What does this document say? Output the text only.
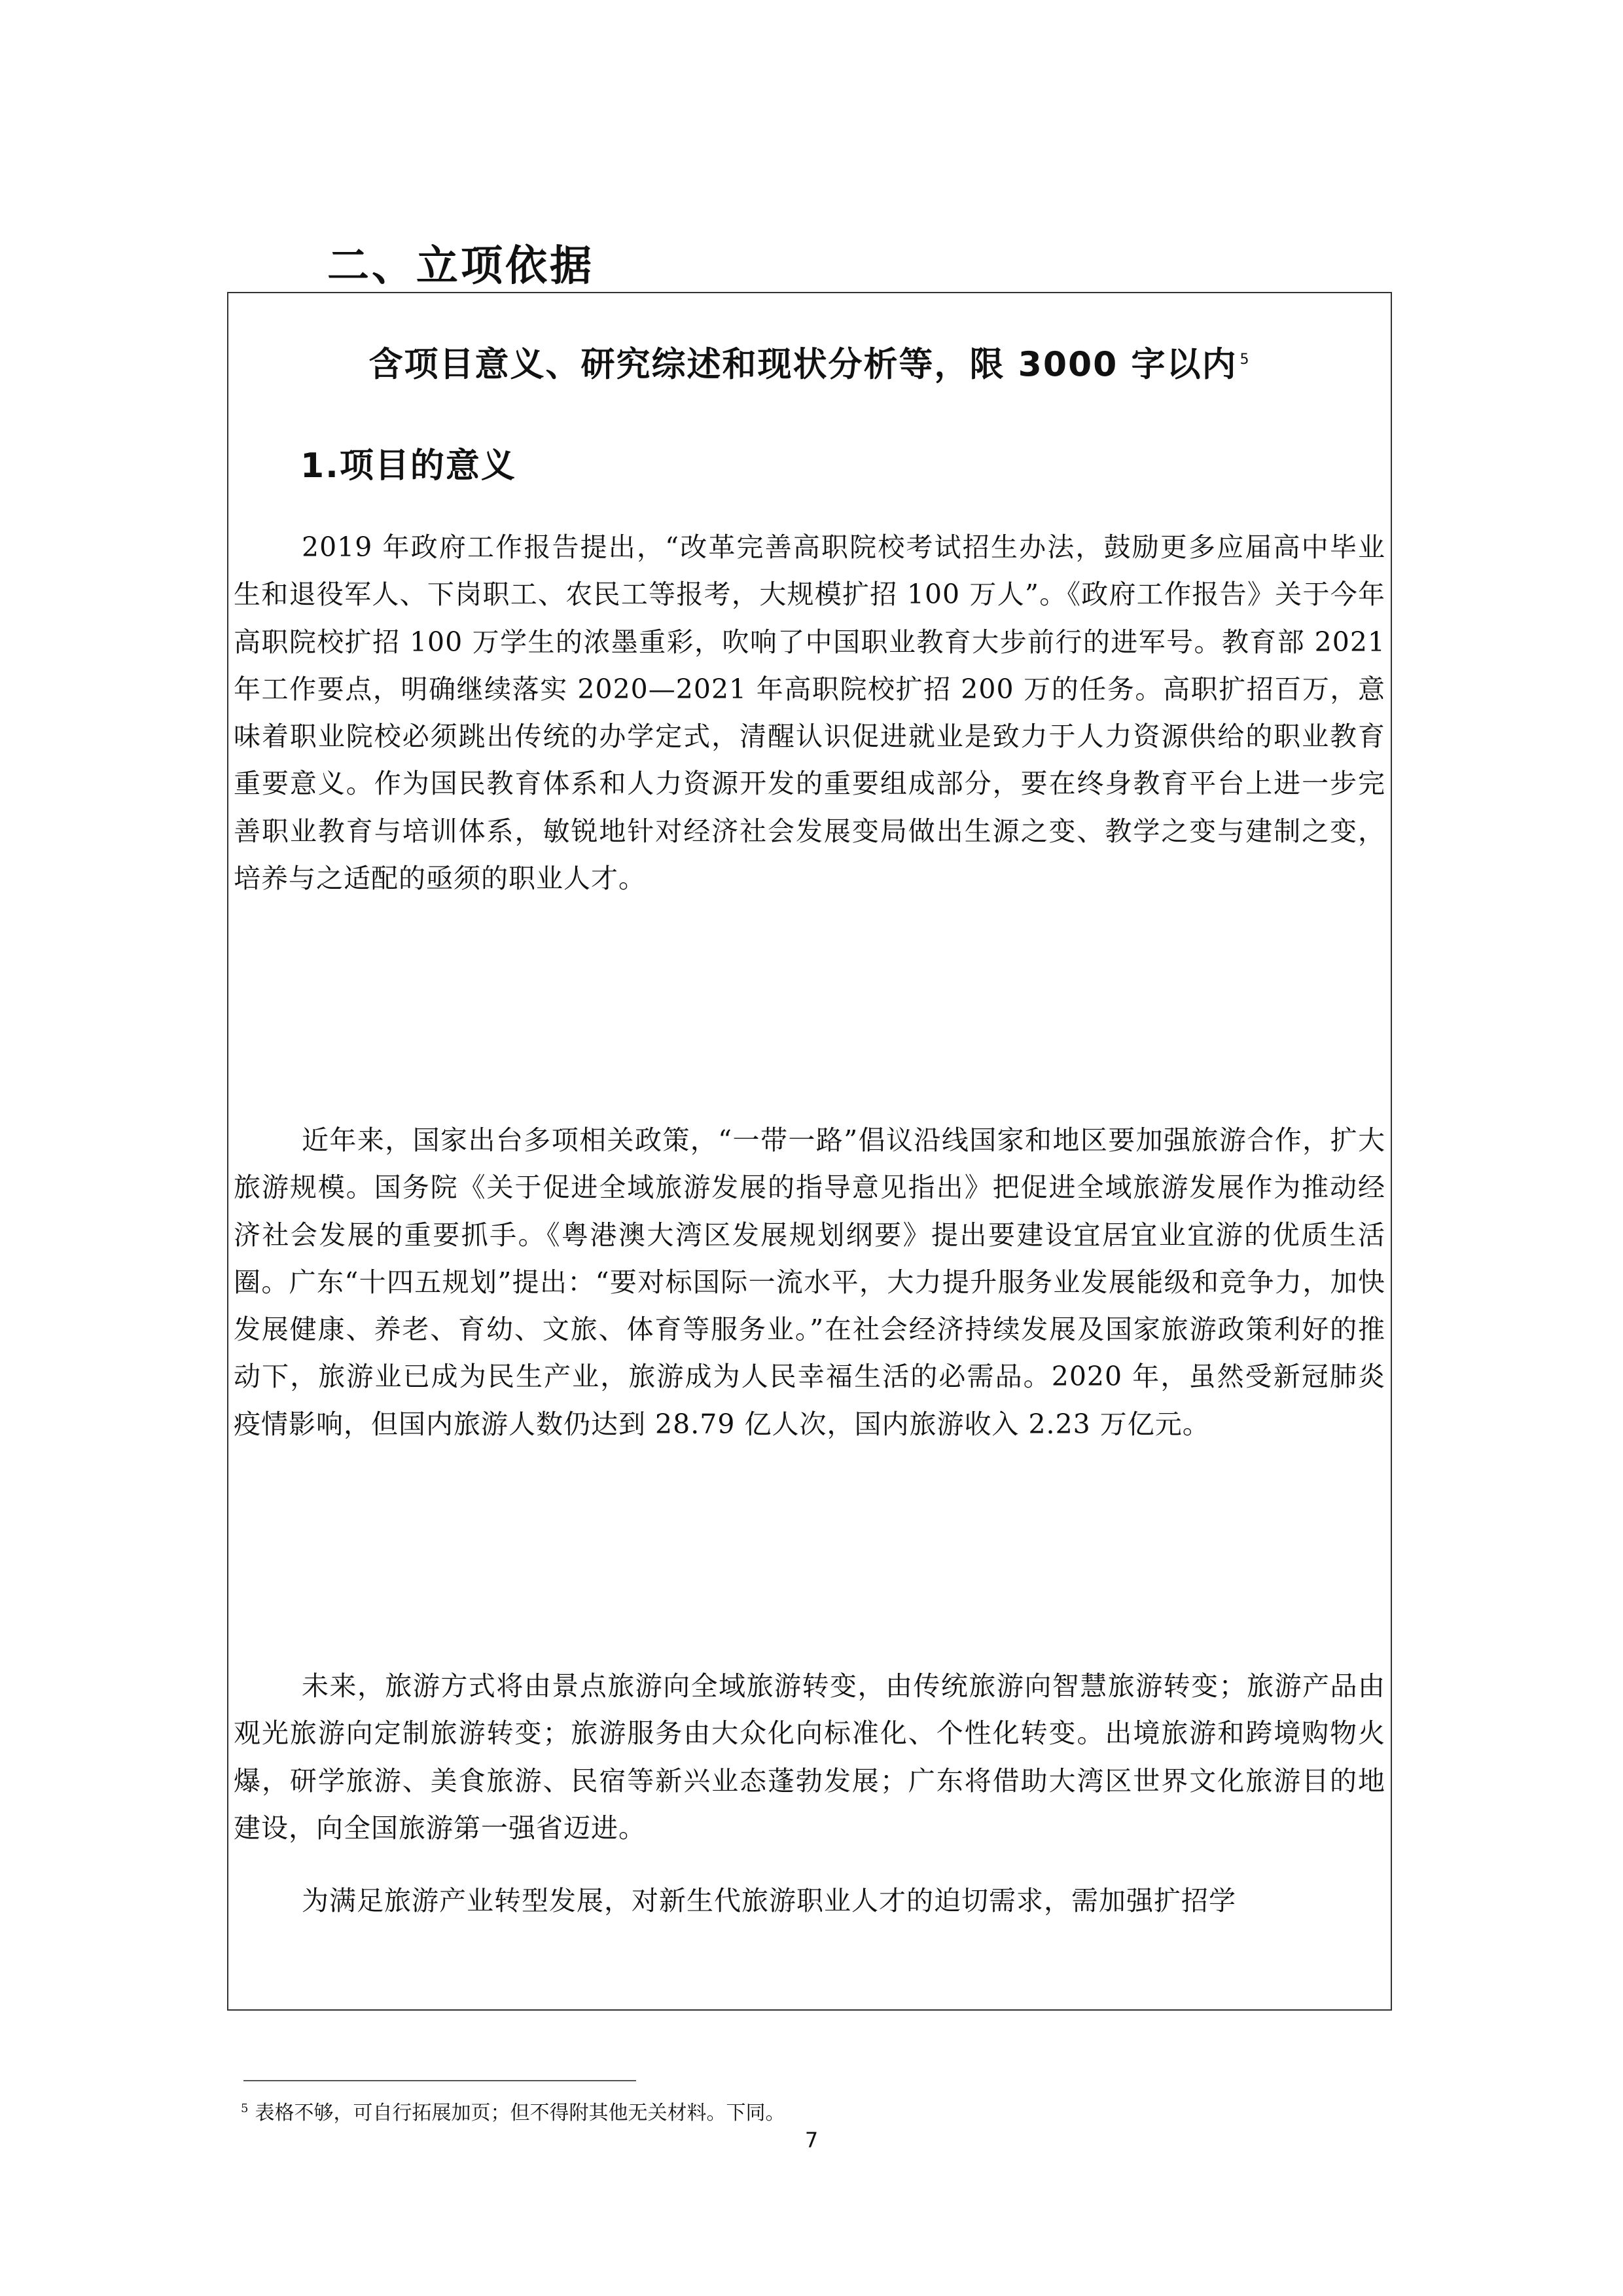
二、立项依据

含项目意义、研究综述和现状分析等，限 3000 字以内 $^5$

1.项目的意义

2019 年政府工作报告提出，“改革完善高职院校考试招生办法，鼓励更多应届高中毕业生和退役军人、下岗职工、农民工等报考，大规模扩招 100 万人”。《政府工作报告》关于今年高职院校扩招 100 万学生的浓墨重彩，吹响了中国职业教育大步前行的进军号。教育部 2021 年工作要点，明确继续落实 2020—2021 年高职院校扩招 200 万的任务。高职扩招百万，意味着职业院校必须跳出传统的办学定式，清醒认识促进就业是致力于人力资源供给的职业教育重要意义。作为国民教育体系和人力资源开发的重要组成部分，要在终身教育平台上进一步完善职业教育与培训体系，敏锐地针对经济社会发展变局做出生源之变、教学之变与建制之变，培养与之适配的亟须的职业人才。

近年来，国家出台多项相关政策，“一带一路”倡议沿线国家和地区要加强旅游合作，扩大旅游规模。国务院《关于促进全域旅游发展的指导意见指出》把促进全域旅游发展作为推动经济社会发展的重要抓手。《粤港澳大湾区发展规划纲要》提出要建设宜居宜业宜游的优质生活圈。广东“十四五规划”提出：“要对标国际一流水平，大力提升服务业发展能级和竞争力，加快发展健康、养老、育幼、文旅、体育等服务业。”在社会经济持续发展及国家旅游政策利好的推动下，旅游业已成为民生产业，旅游成为人民幸福生活的必需品。2020 年，虽然受新冠肺炎疫情影响，但国内旅游人数仍达到 28.79 亿人次，国内旅游收入 2.23 万亿元。

未来，旅游方式将由景点旅游向全域旅游转变，由传统旅游向智慧旅游转变；旅游产品由观光旅游向定制旅游转变；旅游服务由大众化向标准化、个性化转变。出境旅游和跨境购物火爆，研学旅游、美食旅游、民宿等新兴业态蓬勃发展；广东将借助大湾区世界文化旅游目的地建设，向全国旅游第一强省迈进。

为满足旅游产业转型发展，对新生代旅游职业人才的迫切需求，需加强扩招学

$^5$ 表格不够，可自行拓展加页；但不得附其他无关材料。下同。

7
